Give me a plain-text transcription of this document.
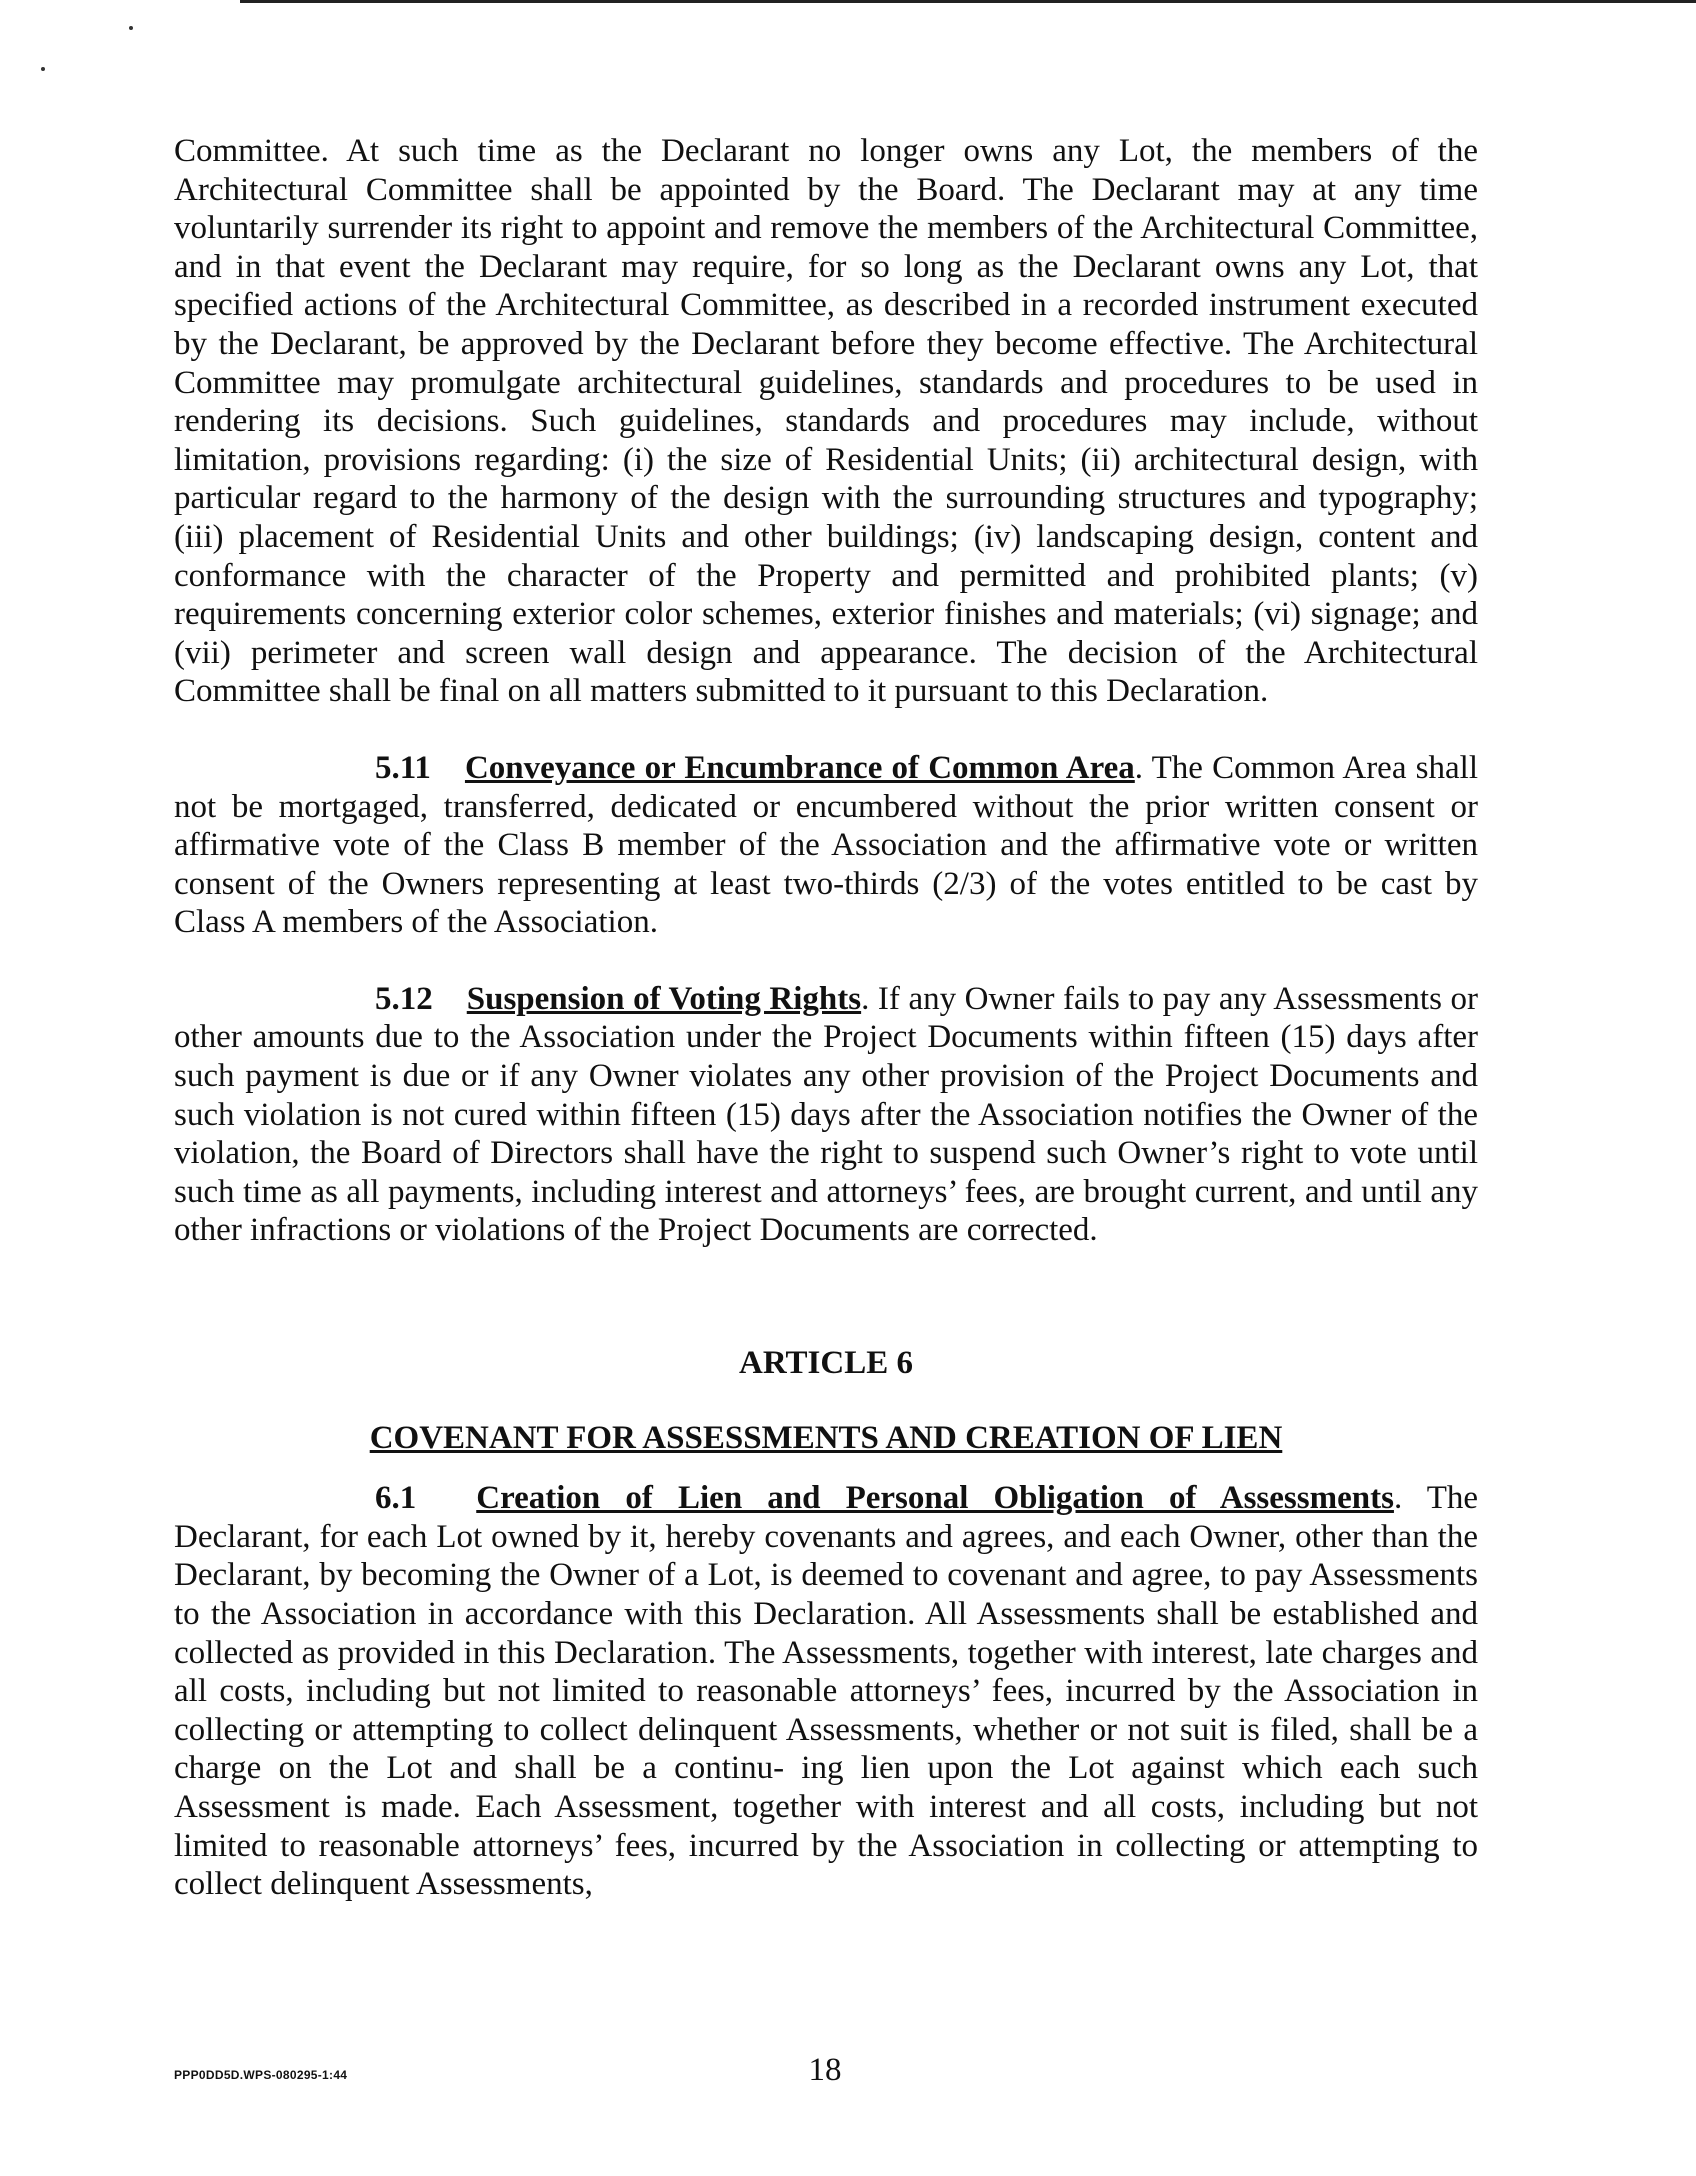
Committee. At such time as the Declarant no longer owns any Lot, the members of the Architectural Committee shall be appointed by the Board. The Declarant may at any time voluntarily surrender its right to appoint and remove the members of the Architectural Committee, and in that event the Declarant may require, for so long as the Declarant owns any Lot, that specified actions of the Architectural Committee, as described in a recorded instrument executed by the Declarant, be approved by the Declarant before they become effective. The Architectural Committee may promulgate architectural guidelines, standards and procedures to be used in rendering its decisions. Such guidelines, standards and procedures may include, without limitation, provisions regarding: (i) the size of Residential Units; (ii) architectural design, with particular regard to the harmony of the design with the surrounding structures and typography; (iii) placement of Residential Units and other buildings; (iv) landscaping design, content and conformance with the character of the Property and permitted and prohibited plants; (v) requirements concerning exterior color schemes, exterior finishes and materials; (vi) signage; and (vii) perimeter and screen wall design and appearance. The decision of the Architectural Committee shall be final on all matters submitted to it pursuant to this Declaration.

5.11 Conveyance or Encumbrance of Common Area. The Common Area shall not be mortgaged, transferred, dedicated or encumbered without the prior written consent or affirmative vote of the Class B member of the Association and the affirmative vote or written consent of the Owners representing at least two-thirds (2/3) of the votes entitled to be cast by Class A members of the Association.

5.12 Suspension of Voting Rights. If any Owner fails to pay any Assessments or other amounts due to the Association under the Project Documents within fifteen (15) days after such payment is due or if any Owner violates any other provision of the Project Documents and such violation is not cured within fifteen (15) days after the Association notifies the Owner of the violation, the Board of Directors shall have the right to suspend such Owner’s right to vote until such time as all payments, including interest and attorneys’ fees, are brought current, and until any other infractions or violations of the Project Documents are corrected.

ARTICLE 6

COVENANT FOR ASSESSMENTS AND CREATION OF LIEN

6.1 Creation of Lien and Personal Obligation of Assessments. The Declarant, for each Lot owned by it, hereby covenants and agrees, and each Owner, other than the Declarant, by becoming the Owner of a Lot, is deemed to covenant and agree, to pay Assessments to the Association in accordance with this Declaration. All Assessments shall be established and collected as provided in this Declaration. The Assessments, together with interest, late charges and all costs, including but not limited to reasonable attorneys’ fees, incurred by the Association in collecting or attempting to collect delinquent Assessments, whether or not suit is filed, shall be a charge on the Lot and shall be a continu- ing lien upon the Lot against which each such Assessment is made. Each Assessment, together with interest and all costs, including but not limited to reasonable attorneys’ fees, incurred by the Association in collecting or attempting to collect delinquent Assessments,

PPP0DD5D.WPS-080295-1:44	18
